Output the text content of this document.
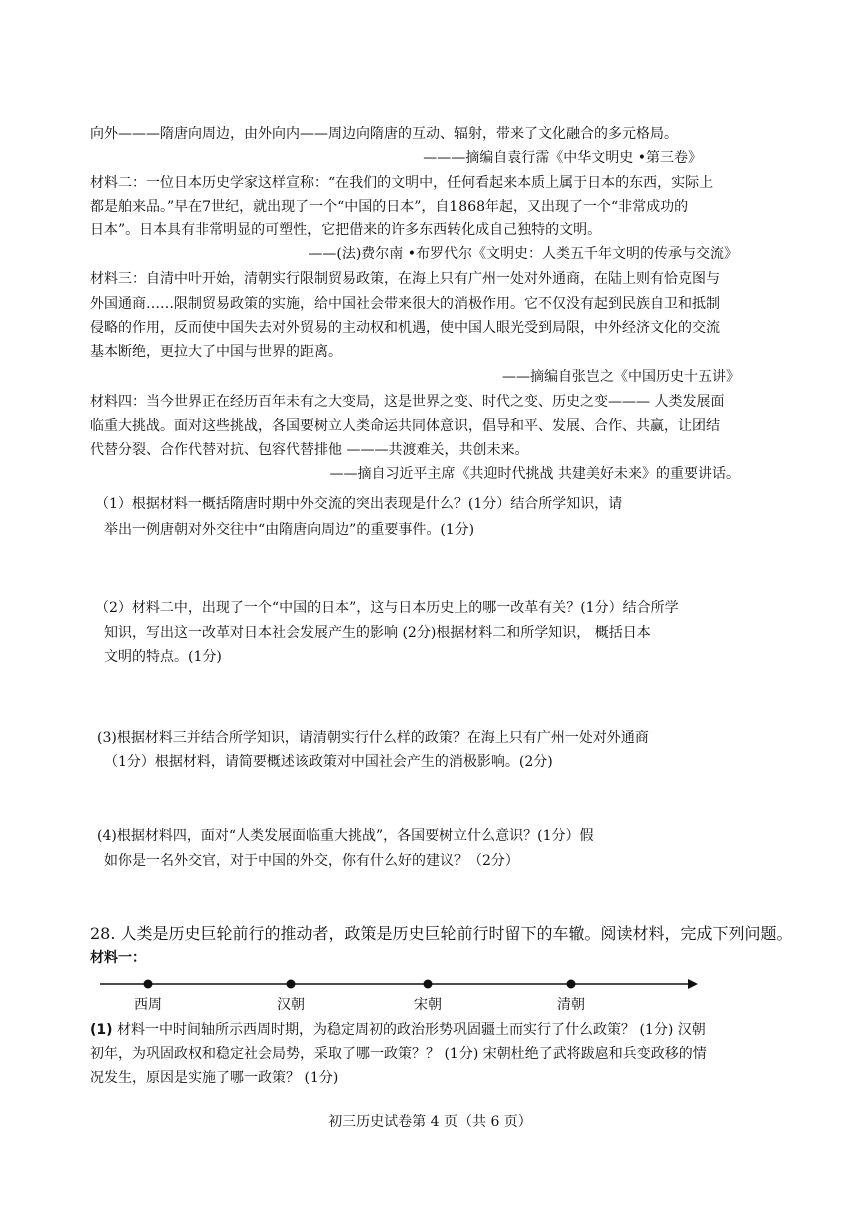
向外———隋唐向周边，由外向内——周边向隋唐的互动、辐射，带来了文化融合的多元格局。
———摘编自袁行霈《中华文明史 •第三卷》
材料二：一位日本历史学家这样宣称：“在我们的文明中，任何看起来本质上属于日本的东西，实际上
都是舶来品。”早在7世纪，就出现了一个“中国的日本”，自1868年起，又出现了一个“非常成功的
日本”。日本具有非常明显的可塑性，它把借来的许多东西转化成自己独特的文明。
——(法)费尔南 •布罗代尔《文明史：人类五千年文明的传承与交流》
材料三：自清中叶开始，清朝实行限制贸易政策，在海上只有广州一处对外通商，在陆上则有恰克图与
外国通商……限制贸易政策的实施，给中国社会带来很大的消极作用。它不仅没有起到民族自卫和抵制
侵略的作用，反而使中国失去对外贸易的主动权和机遇，使中国人眼光受到局限，中外经济文化的交流
基本断绝，更拉大了中国与世界的距离。
——摘编自张岂之《中国历史十五讲》
材料四：当今世界正在经历百年未有之大变局，这是世界之变、时代之变、历史之变——— 人类发展面
临重大挑战。面对这些挑战，各国要树立人类命运共同体意识，倡导和平、发展、合作、共赢，让团结
代替分裂、合作代替对抗、包容代替排他 ———共渡难关，共创未来。
——摘自习近平主席《共迎时代挑战 共建美好未来》的重要讲话。
（1）根据材料一概括隋唐时期中外交流的突出表现是什么？(1分）结合所学知识，请
举出一例唐朝对外交往中“由隋唐向周边”的重要事件。(1分)
（2）材料二中，出现了一个“中国的日本”，这与日本历史上的哪一改革有关？(1分）结合所学
知识，写出这一改革对日本社会发展产生的影响 (2分)根据材料二和所学知识， 概括日本
文明的特点。(1分)
(3)根据材料三并结合所学知识，请清朝实行什么样的政策？在海上只有广州一处对外通商
（1分）根据材料，请简要概述该政策对中国社会产生的消极影响。(2分)
(4)根据材料四，面对“人类发展面临重大挑战”，各国要树立什么意识？(1分）假
如你是一名外交官，对于中国的外交，你有什么好的建议？（2分）
28. 人类是历史巨轮前行的推动者，政策是历史巨轮前行时留下的车辙。阅读材料，完成下列问题。
材料一：
西周	汉朝	宋朝	清朝
(1) 材料一中时间轴所示西周时期，为稳定周初的政治形势巩固疆土而实行了什么政策？ (1分) 汉朝
初年，为巩固政权和稳定社会局势，采取了哪一政策？？ (1分) 宋朝杜绝了武将跋扈和兵变政移的情
况发生，原因是实施了哪一政策？ (1分)
初三历史试卷第 4 页（共 6 页）
